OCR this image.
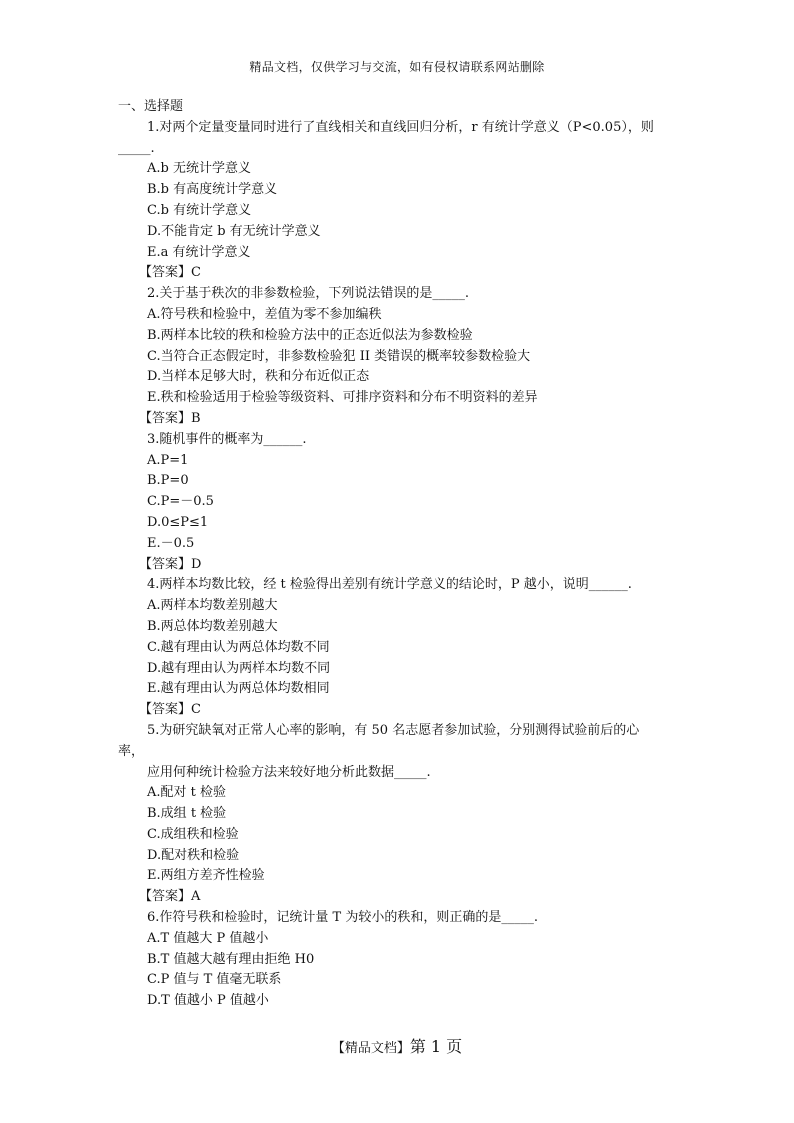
精品文档，仅供学习与交流，如有侵权请联系网站删除
一、选择题
1.对两个定量变量同时进行了直线相关和直线回归分析，r 有统计学意义（P<0.05），则
_____.
A.b 无统计学意义
B.b 有高度统计学意义
C.b 有统计学意义
D.不能肯定 b 有无统计学意义
E.a 有统计学意义
【答案】C
2.关于基于秩次的非参数检验，下列说法错误的是_____.
A.符号秩和检验中，差值为零不参加编秩
B.两样本比较的秩和检验方法中的正态近似法为参数检验
C.当符合正态假定时，非参数检验犯 II 类错误的概率较参数检验大
D.当样本足够大时，秩和分布近似正态
E.秩和检验适用于检验等级资料、可排序资料和分布不明资料的差异
【答案】B
3.随机事件的概率为______.
A.P=1
B.P=0
C.P=－0.5
D.0≤P≤1
E.－0.5
【答案】D
4.两样本均数比较，经 t 检验得出差别有统计学意义的结论时，P 越小，说明______.
A.两样本均数差别越大
B.两总体均数差别越大
C.越有理由认为两总体均数不同
D.越有理由认为两样本均数不同
E.越有理由认为两总体均数相同
【答案】C
5.为研究缺氧对正常人心率的影响，有 50 名志愿者参加试验，分别测得试验前后的心
率，
应用何种统计检验方法来较好地分析此数据_____.
A.配对 t 检验
B.成组 t 检验
C.成组秩和检验
D.配对秩和检验
E.两组方差齐性检验
【答案】A
6.作符号秩和检验时，记统计量 T 为较小的秩和，则正确的是_____.
A.T 值越大 P 值越小
B.T 值越大越有理由拒绝 H0
C.P 值与 T 值毫无联系
D.T 值越小 P 值越小
【精品文档】第 1 页
